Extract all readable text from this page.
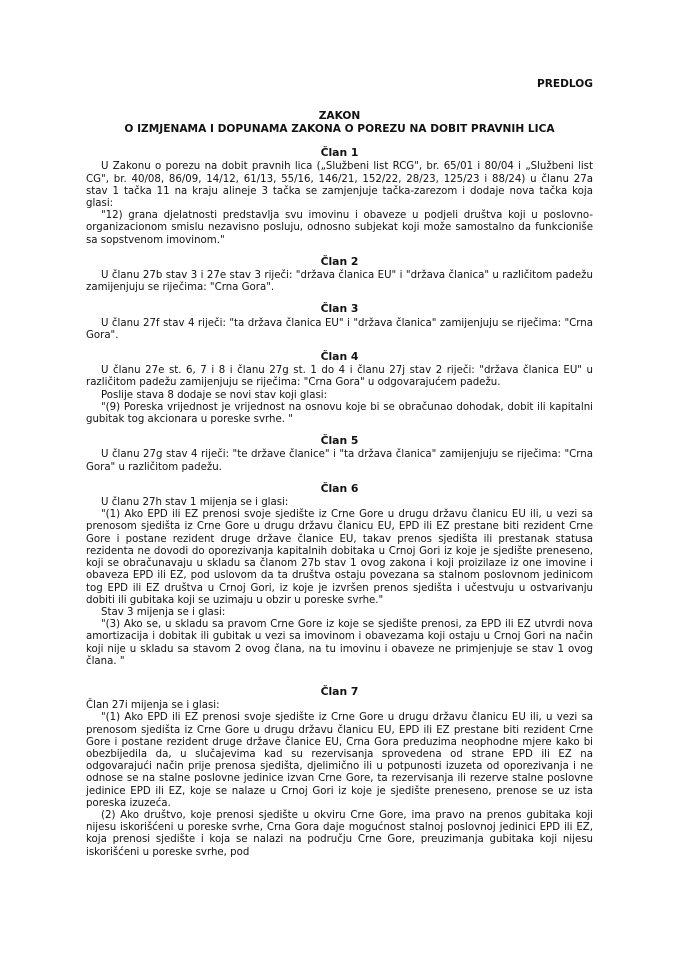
PREDLOG
ZAKON
O IZMJENAMA I DOPUNAMA ZAKONA O POREZU NA DOBIT PRAVNIH LICA
Član 1

U Zakonu o porezu na dobit pravnih lica („Službeni list RCG", br. 65/01 i 80/04 i „Službeni list CG", br. 40/08, 86/09, 14/12, 61/13, 55/16, 146/21, 152/22, 28/23, 125/23 i 88/24) u članu 27a stav 1 tačka 11 na kraju alineje 3 tačka se zamjenjuje tačka-zarezom i dodaje nova tačka koja glasi:

"12) grana djelatnosti predstavlja svu imovinu i obaveze u podjeli društva koji u poslovno-organizacionom smislu nezavisno posluju, odnosno subjekat koji može samostalno da funkcioniše sa sopstvenom imovinom."

Član 2

U članu 27b stav 3 i 27e stav 3 riječi: "država članica EU" i "država članica" u različitom padežu zamijenjuju se riječima: "Crna Gora".

Član 3

U članu 27f stav 4 riječi: "ta država članica EU" i "država članica" zamijenjuju se riječima: "Crna Gora".

Član 4

U članu 27e st. 6, 7 i 8 i članu 27g st. 1 do 4 i članu 27j stav 2 riječi: "država članica EU" u različitom padežu zamijenjuju se riječima: "Crna Gora" u odgovarajućem padežu.

Poslije stava 8 dodaje se novi stav koji glasi:

"(9) Poreska vrijednost je vrijednost na osnovu koje bi se obračunao dohodak, dobit ili kapitalni gubitak tog akcionara u poreske svrhe. "

Član 5

U članu 27g stav 4 riječi: "te države članice" i "ta država članica" zamijenjuju se riječima: "Crna Gora" u različitom padežu.

Član 6

U članu 27h stav 1 mijenja se i glasi:

"(1) Ako EPD ili EZ prenosi svoje sjedište iz Crne Gore u drugu državu članicu EU ili, u vezi sa prenosom sjedišta iz Crne Gore u drugu državu članicu EU, EPD ili EZ prestane biti rezident Crne Gore i postane rezident druge države članice EU, takav prenos sjedišta ili prestanak statusa rezidenta ne dovodi do oporezivanja kapitalnih dobitaka u Crnoj Gori iz koje je sjedište preneseno, koji se obračunavaju u skladu sa članom 27b stav 1 ovog zakona i koji proizilaze iz one imovine i obaveza EPD ili EZ, pod uslovom da ta društva ostaju povezana sa stalnom poslovnom jedinicom tog EPD ili EZ društva u Crnoj Gori, iz koje je izvršen prenos sjedišta i učestvuju u ostvarivanju dobiti ili gubitaka koji se uzimaju u obzir u poreske svrhe."

Stav 3 mijenja se i glasi:

"(3) Ako se, u skladu sa pravom Crne Gore iz koje se sjedište prenosi, za EPD ili EZ utvrdi nova amortizacija i dobitak ili gubitak u vezi sa imovinom i obavezama koji ostaju u Crnoj Gori na način koji nije u skladu sa stavom 2 ovog člana, na tu imovinu i obaveze ne primjenjuje se stav 1 ovog člana. "

Član 7

Član 27i mijenja se i glasi:

"(1) Ako EPD ili EZ prenosi svoje sjedište iz Crne Gore u drugu državu članicu EU ili, u vezi sa prenosom sjedišta iz Crne Gore u drugu državu članicu EU, EPD ili EZ prestane biti rezident Crne Gore i postane rezident druge države članice EU, Crna Gora preduzima neophodne mjere kako bi obezbijedila da, u slučajevima kad su rezervisanja sprovedena od strane EPD ili EZ na odgovarajući način prije prenosa sjedišta, djelimično ili u potpunosti izuzeta od oporezivanja i ne odnose se na stalne poslovne jedinice izvan Crne Gore, ta rezervisanja ili rezerve stalne poslovne jedinice EPD ili EZ, koje se nalaze u Crnoj Gori iz koje je sjedište preneseno, prenose se uz ista poreska izuzeća.

(2) Ako društvo, koje prenosi sjedište u okviru Crne Gore, ima pravo na prenos gubitaka koji nijesu iskorišćeni u poreske svrhe, Crna Gora daje mogućnost stalnoj poslovnoj jedinici EPD ili EZ, koja prenosi sjedište i koja se nalazi na području Crne Gore, preuzimanja gubitaka koji nijesu iskorišćeni u poreske svrhe, pod
